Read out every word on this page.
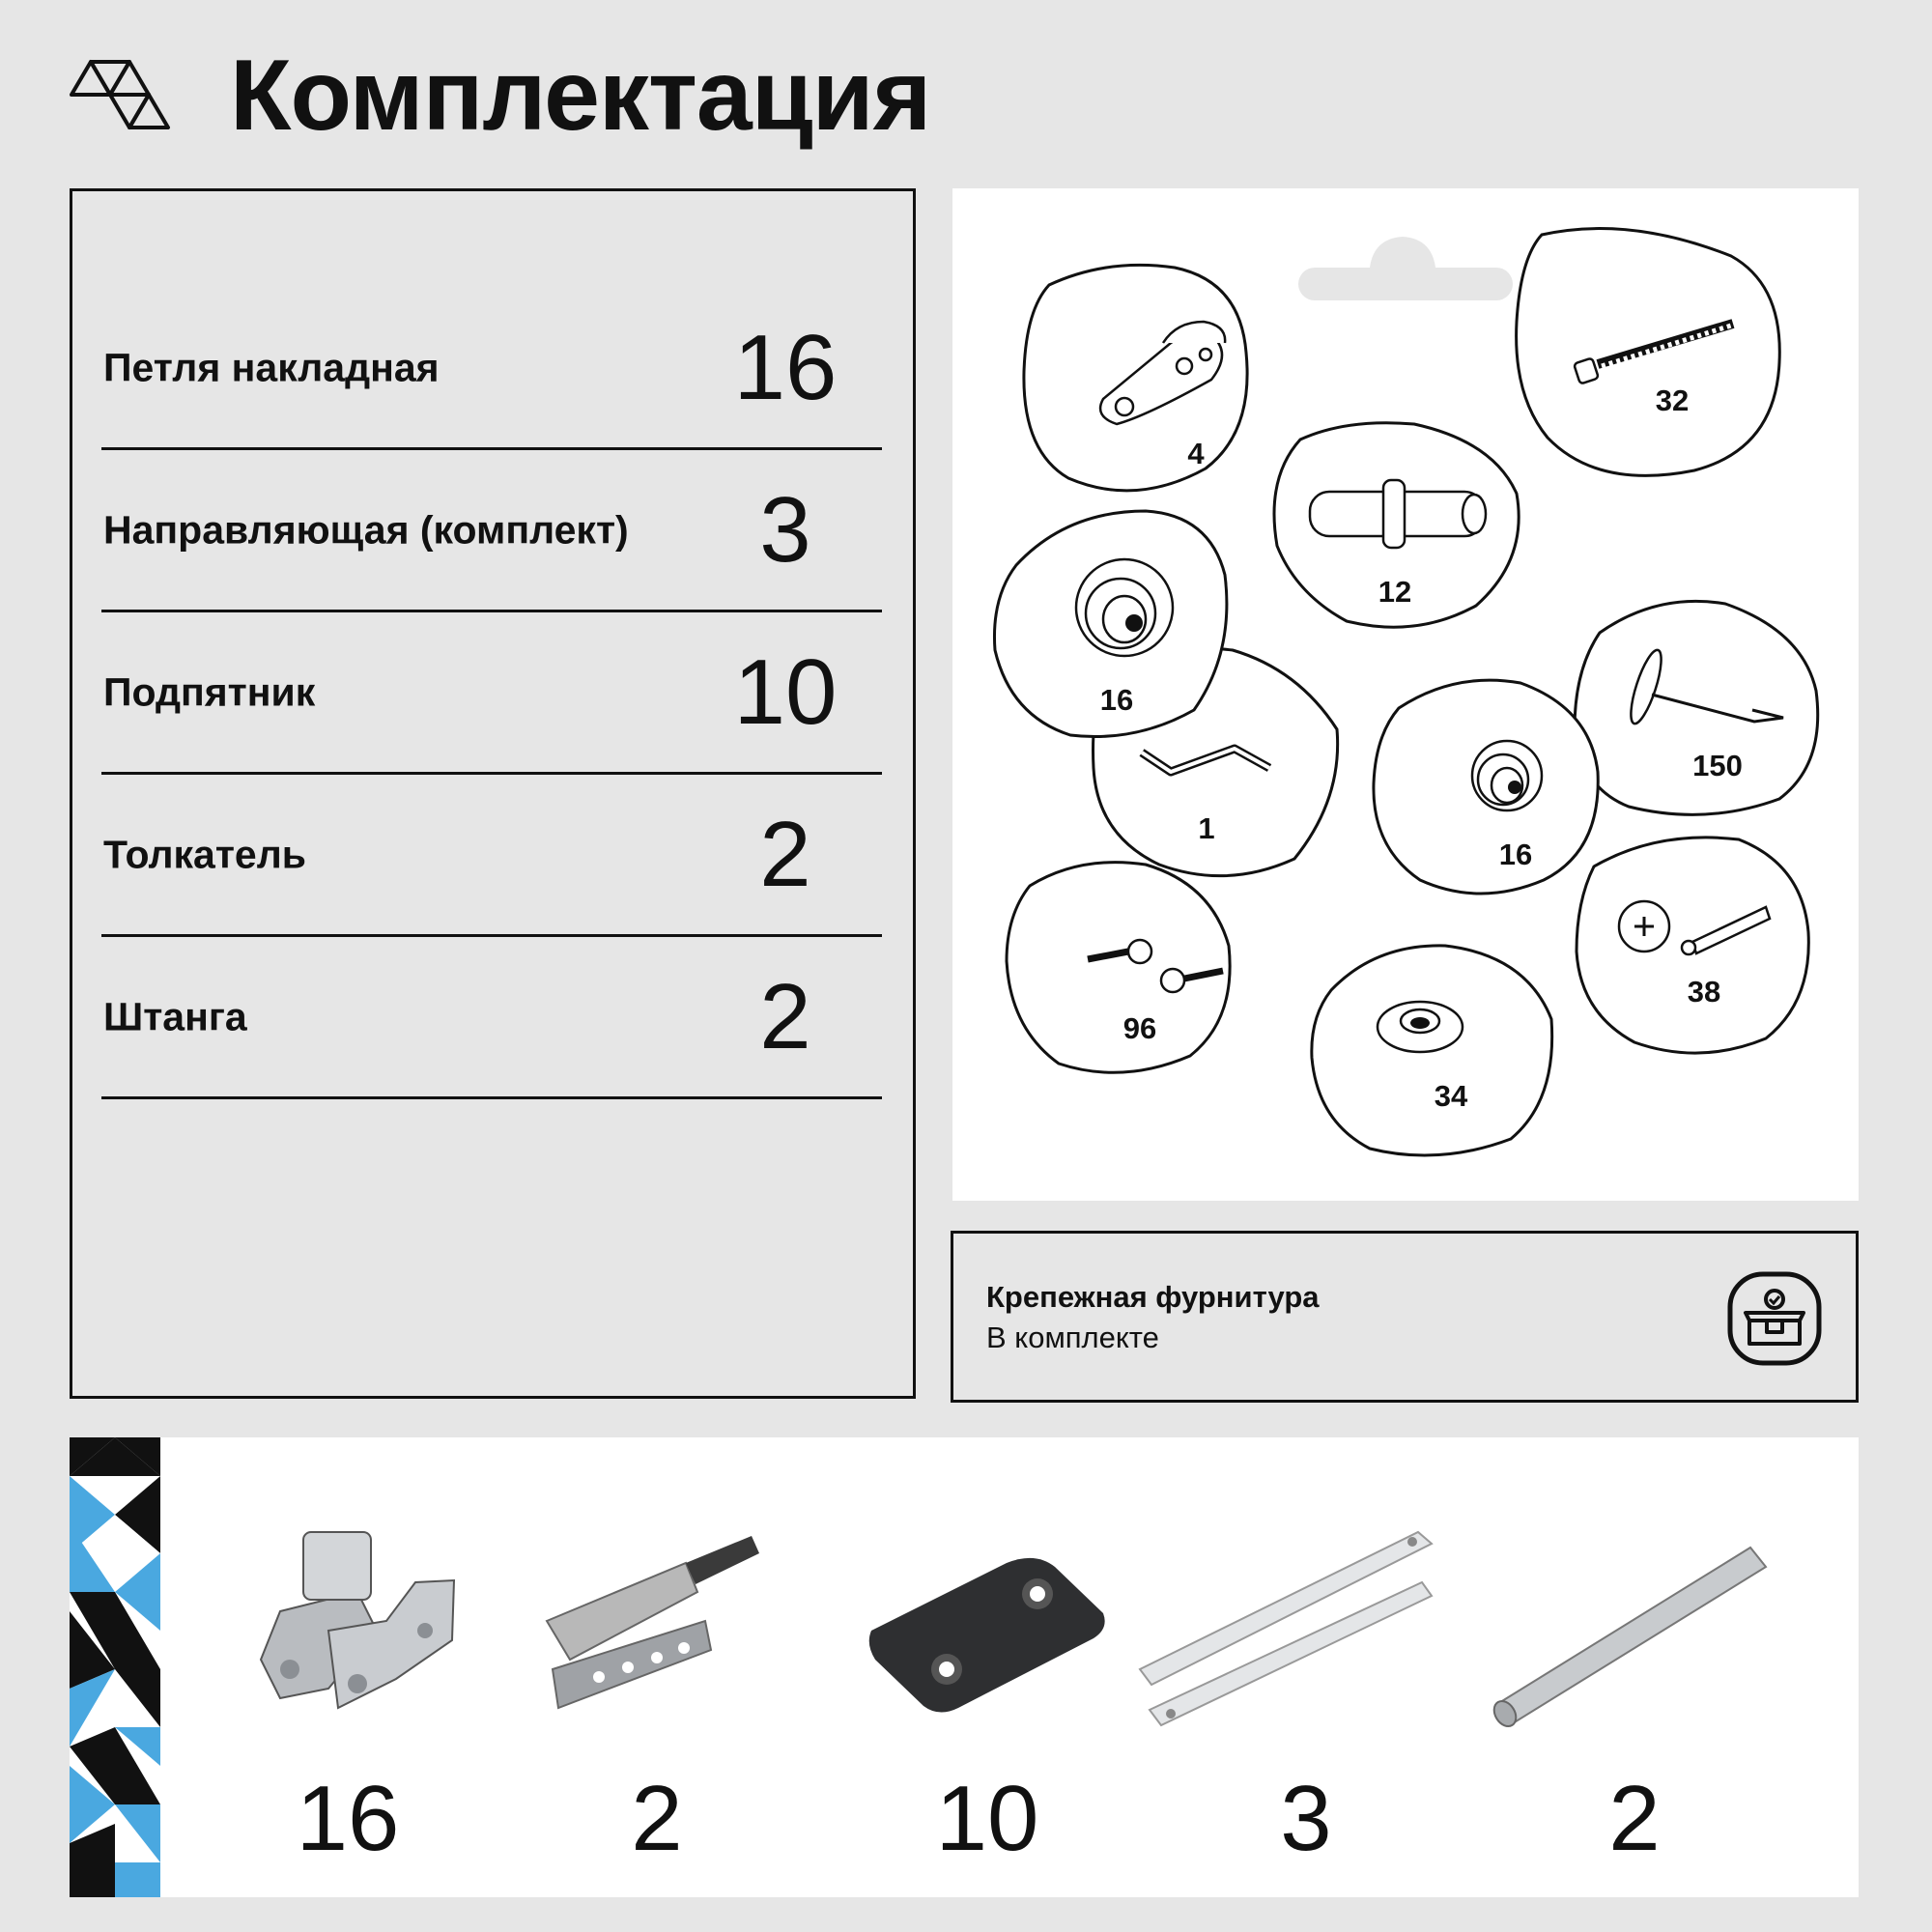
Комплектация
Петля накладная	16
Направляющая (комплект)	3
Подпятник	10
Толкатель	2
Штанга	2
4
32
12
1
16
150
16
38
96
34
Крепежная фурнитура
В комплекте
16	2	10	3	2
